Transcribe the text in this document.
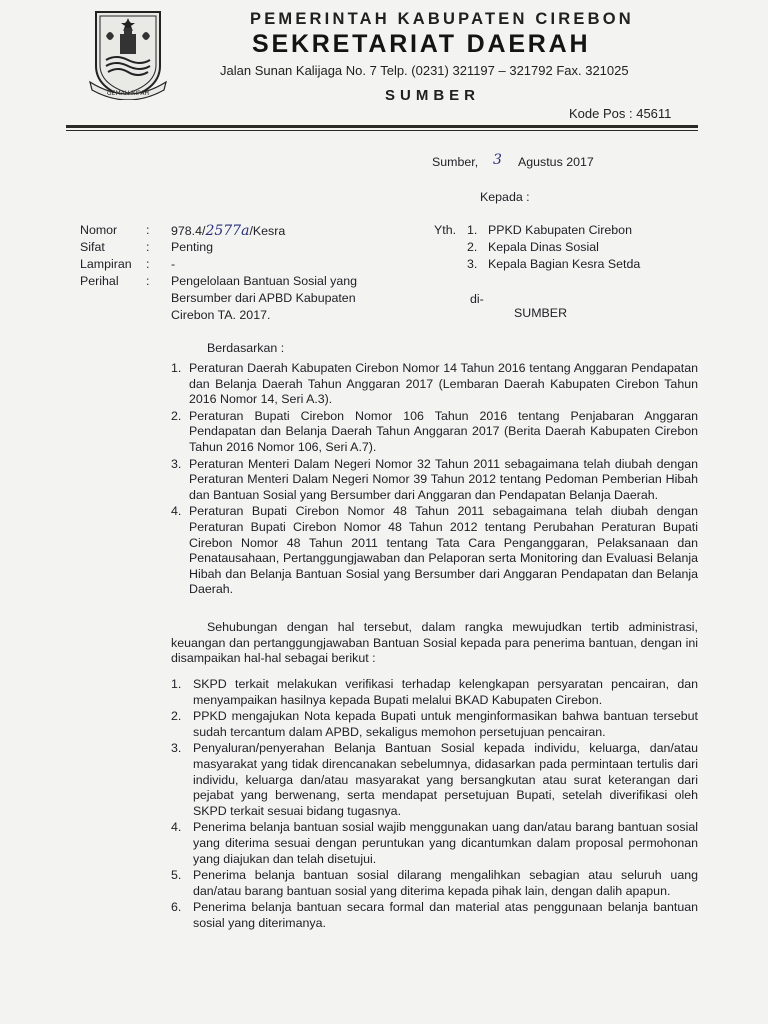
GEMAH RIPAH
PEMERINTAH KABUPATEN CIREBON
SEKRETARIAT DAERAH
Jalan Sunan Kalijaga No. 7 Telp. (0231) 321197 – 321792 Fax. 321025
SUMBER
Kode Pos : 45611
Sumber, 3 Agustus 2017
Kepada :
Nomor : 978.4/2577a/Kesra
Sifat	: Penting
Lampiran : -
Perihal : Pengelolaan Bantuan Sosial yang
Bersumber dari APBD Kabupaten
Cirebon TA. 2017.
Yth. 1. PPKD Kabupaten Cirebon
2. Kepala Dinas Sosial
3. Kepala Bagian Kesra Setda
di-
SUMBER
Berdasarkan :
1. Peraturan Daerah Kabupaten Cirebon Nomor 14 Tahun 2016 tentang Anggaran Pendapatan dan Belanja Daerah Tahun Anggaran 2017 (Lembaran Daerah Kabupaten Cirebon Tahun 2016 Nomor 14, Seri A.3).
2. Peraturan Bupati Cirebon Nomor 106 Tahun 2016 tentang Penjabaran Anggaran Pendapatan dan Belanja Daerah Tahun Anggaran 2017 (Berita Daerah Kabupaten Cirebon Tahun 2016 Nomor 106, Seri A.7).
3. Peraturan Menteri Dalam Negeri Nomor 32 Tahun 2011 sebagaimana telah diubah dengan Peraturan Menteri Dalam Negeri Nomor 39 Tahun 2012 tentang Pedoman Pemberian Hibah dan Bantuan Sosial yang Bersumber dari Anggaran dan Pendapatan Belanja Daerah.
4. Peraturan Bupati Cirebon Nomor 48 Tahun 2011 sebagaimana telah diubah dengan Peraturan Bupati Cirebon Nomor 48 Tahun 2012 tentang Perubahan Peraturan Bupati Cirebon Nomor 48 Tahun 2011 tentang Tata Cara Penganggaran, Pelaksanaan dan Penatausahaan, Pertanggungjawaban dan Pelaporan serta Monitoring dan Evaluasi Belanja Hibah dan Belanja Bantuan Sosial yang Bersumber dari Anggaran Pendapatan dan Belanja Daerah.
Sehubungan dengan hal tersebut, dalam rangka mewujudkan tertib administrasi, keuangan dan pertanggungjawaban Bantuan Sosial kepada para penerima bantuan, dengan ini disampaikan hal-hal sebagai berikut :
1. SKPD terkait melakukan verifikasi terhadap kelengkapan persyaratan pencairan, dan menyampaikan hasilnya kepada Bupati melalui BKAD Kabupaten Cirebon.
2. PPKD mengajukan Nota kepada Bupati untuk menginformasikan bahwa bantuan tersebut sudah tercantum dalam APBD, sekaligus memohon persetujuan pencairan.
3. Penyaluran/penyerahan Belanja Bantuan Sosial kepada individu, keluarga, dan/atau masyarakat yang tidak direncanakan sebelumnya, didasarkan pada permintaan tertulis dari individu, keluarga dan/atau masyarakat yang bersangkutan atau surat keterangan dari pejabat yang berwenang, serta mendapat persetujuan Bupati, setelah diverifikasi oleh SKPD terkait sesuai bidang tugasnya.
4. Penerima belanja bantuan sosial wajib menggunakan uang dan/atau barang bantuan sosial yang diterima sesuai dengan peruntukan yang dicantumkan dalam proposal permohonan yang diajukan dan telah disetujui.
5. Penerima belanja bantuan sosial dilarang mengalihkan sebagian atau seluruh uang dan/atau barang bantuan sosial yang diterima kepada pihak lain, dengan dalih apapun.
6. Penerima belanja bantuan secara formal dan material atas penggunaan belanja bantuan sosial yang diterimanya.
